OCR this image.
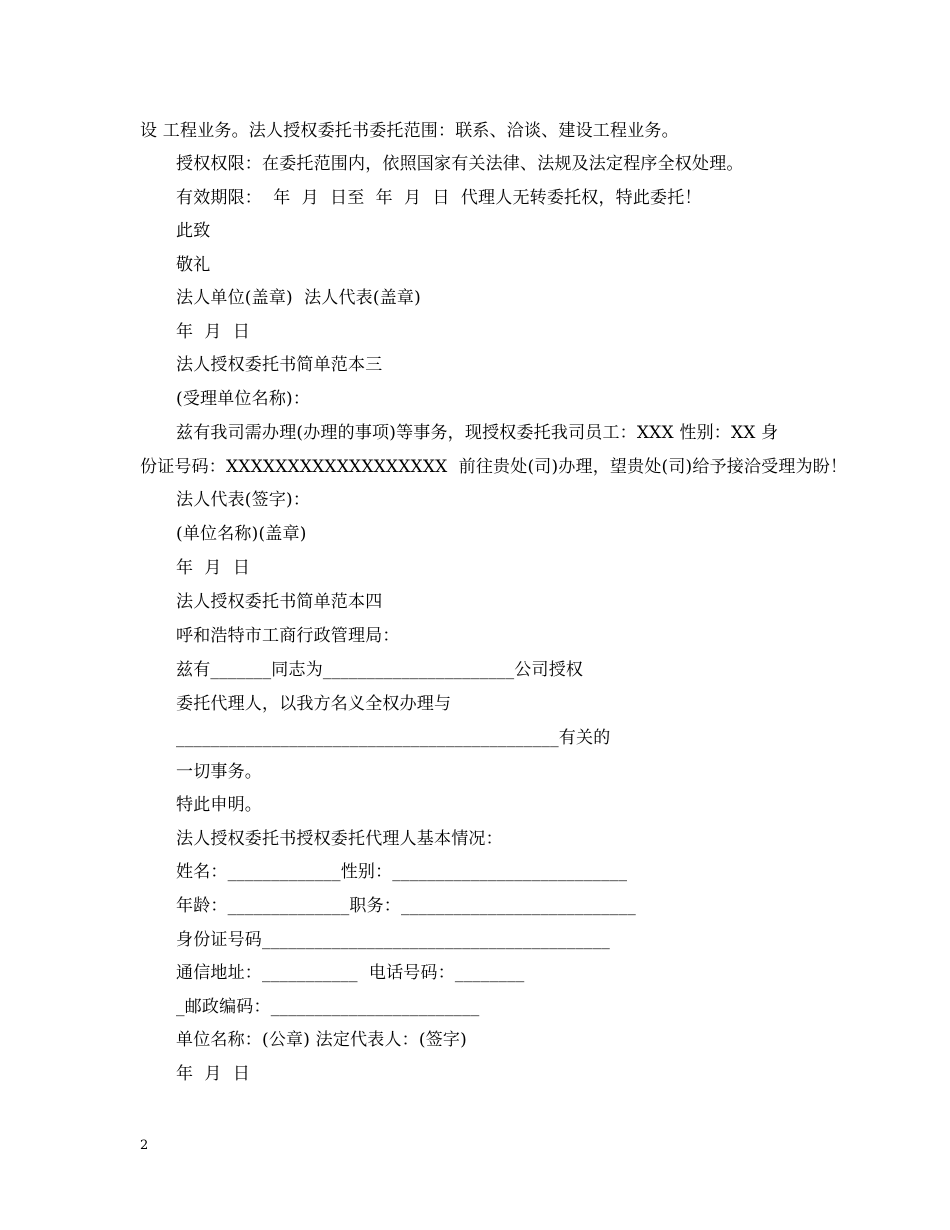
设 工程业务。法人授权委托书委托范围：联系、洽谈、建设工程业务。
授权权限：在委托范围内，依照国家有关法律、法规及法定程序全权处理。
有效期限：  年  月  日至  年  月  日  代理人无转委托权，特此委托！
此致
敬礼
法人单位(盖章)  法人代表(盖章)
年  月  日
法人授权委托书简单范本三
(受理单位名称)：
兹有我司需办理(办理的事项)等事务，现授权委托我司员工：XXX 性别：XX 身
份证号码：XXXXXXXXXXXXXXXXXX  前往贵处(司)办理，望贵处(司)给予接洽受理为盼！
法人代表(签字)：
(单位名称)(盖章)
年  月  日
法人授权委托书简单范本四
呼和浩特市工商行政管理局：
兹有_______同志为______________________公司授权
委托代理人，以我方名义全权办理与
____________________________________________有关的
一切事务。
特此申明。
法人授权委托书授权委托代理人基本情况：
姓名：_____________性别：___________________________
年龄：______________职务：___________________________
身份证号码________________________________________
通信地址：___________  电话号码：________
_邮政编码：________________________
单位名称：(公章) 法定代表人：(签字)
年  月  日
2
